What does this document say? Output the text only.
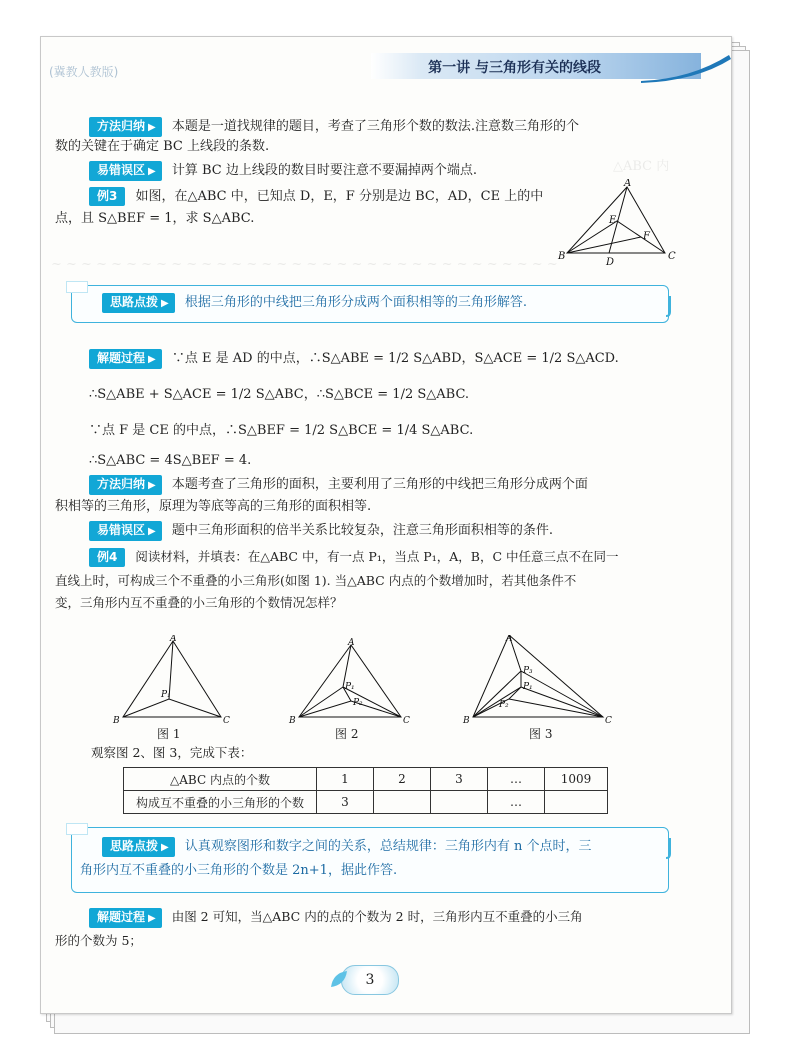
△ABC 内
~ ~ ~ ~ ~ ~ ~ ~ ~ ~ ~ ~ ~ ~ ~ ~ ~ ~ ~ ~ ~ ~ ~ ~ ~ ~ ~ ~ ~ ~ ~ ~ ~ ~
(冀教人教版)	第一讲 与三角形有关的线段
方法归纳 ▶ 本题是一道找规律的题目，考查了三角形个数的数法.注意数三角形的个
数的关键在于确定 BC 上线段的条数.
易错误区 ▶ 计算 BC 边上线段的数目时要注意不要漏掉两个端点.
例3 如图，在△ABC 中，已知点 D，E，F 分别是边 BC，AD，CE 上的中
点，且 S△BEF = 1，求 S△ABC.
A
B	C
D
E
F
思路点拨 ▶ 根据三角形的中线把三角形分成两个面积相等的三角形解答.
解题过程 ▶ ∵点 E 是 AD 的中点，∴S△ABE = 1/2 S△ABD，S△ACE = 1/2 S△ACD.
∴S△ABE + S△ACE = 1/2 S△ABC，∴S△BCE = 1/2 S△ABC.
∵点 F 是 CE 的中点，∴S△BEF = 1/2 S△BCE = 1/4 S△ABC.
∴S△ABC = 4S△BEF = 4.
方法归纳 ▶ 本题考查了三角形的面积，主要利用了三角形的中线把三角形分成两个面
积相等的三角形，原理为等底等高的三角形的面积相等.
易错误区 ▶ 题中三角形面积的倍半关系比较复杂，注意三角形面积相等的条件.
例4 阅读材料，并填表：在△ABC 中，有一点 P₁，当点 P₁，A，B，C 中任意三点不在同一
直线上时，可构成三个不重叠的小三角形(如图 1). 当△ABC 内点的个数增加时，若其他条件不
变，三角形内互不重叠的小三角形的个数情况怎样？
A
B	C
P₁
A
B	C
P₁
P₂
A
B	C
P₃
P₁
P₂
图 1	图 2	图 3
观察图 2、图 3，完成下表：
△ABC 内点的个数	1	2	3	…	1009
构成互不重叠的小三角形的个数	3			…	
思路点拨 ▶ 认真观察图形和数字之间的关系，总结规律：三角形内有 n 个点时，三
角形内互不重叠的小三角形的个数是 2n+1，据此作答.
解题过程 ▶ 由图 2 可知，当△ABC 内的点的个数为 2 时，三角形内互不重叠的小三角
形的个数为 5；
3
